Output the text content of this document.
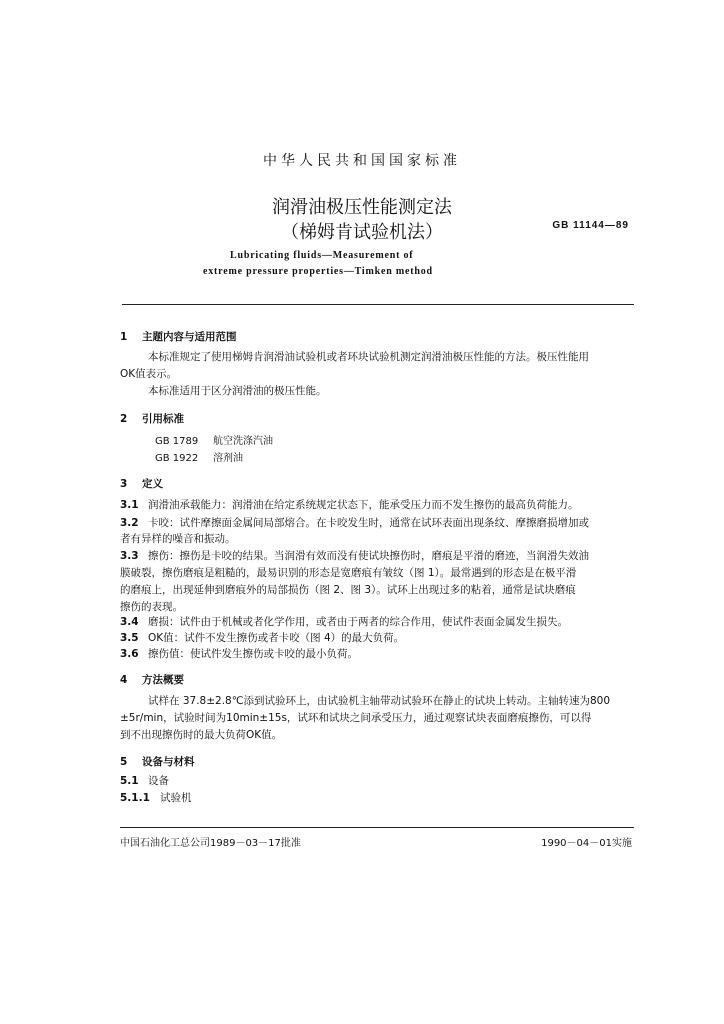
中华人民共和国国家标准
润滑油极压性能测定法
（梯姆肯试验机法）	GB 11144—89
Lubricating fluids—Measurement of
extreme pressure properties—Timken method
1 主题内容与适用范围
本标准规定了使用梯姆肯润滑油试验机或者环块试验机测定润滑油极压性能的方法。极压性能用
OK值表示。
本标准适用于区分润滑油的极压性能。
2 引用标准
GB 1789 航空洗涤汽油
GB 1922 溶剂油
3 定义
3.1 润滑油承载能力：润滑油在给定系统规定状态下，能承受压力而不发生擦伤的最高负荷能力。
3.2 卡咬：试件摩擦面金属间局部熔合。在卡咬发生时，通常在试环表面出现条纹、摩擦磨损增加或
者有异样的噪音和振动。
3.3 擦伤：擦伤是卡咬的结果。当润滑有效而没有使试块擦伤时，磨痕是平滑的磨迹，当润滑失效油
膜破裂，擦伤磨痕是粗糙的，最易识别的形态是宽磨痕有皱纹（图 1）。最常遇到的形态是在极平滑
的磨痕上，出现延伸到磨痕外的局部损伤（图 2、图 3）。试环上出现过多的粘着，通常是试块磨痕
擦伤的表现。
3.4 磨损：试件由于机械或者化学作用，或者由于两者的综合作用，使试件表面金属发生损失。
3.5 OK值：试件不发生擦伤或者卡咬（图 4）的最大负荷。
3.6 擦伤值：使试件发生擦伤或卡咬的最小负荷。
4 方法概要
试样在 37.8±2.8℃添到试验环上，由试验机主轴带动试验环在静止的试块上转动。主轴转速为800
±5r/min，试验时间为10min±15s，试环和试块之间承受压力，通过观察试块表面磨痕擦伤，可以得
到不出现擦伤时的最大负荷OK值。
5 设备与材料
5.1 设备
5.1.1 试验机
中国石油化工总公司1989－03－17批准	1990－04－01实施
